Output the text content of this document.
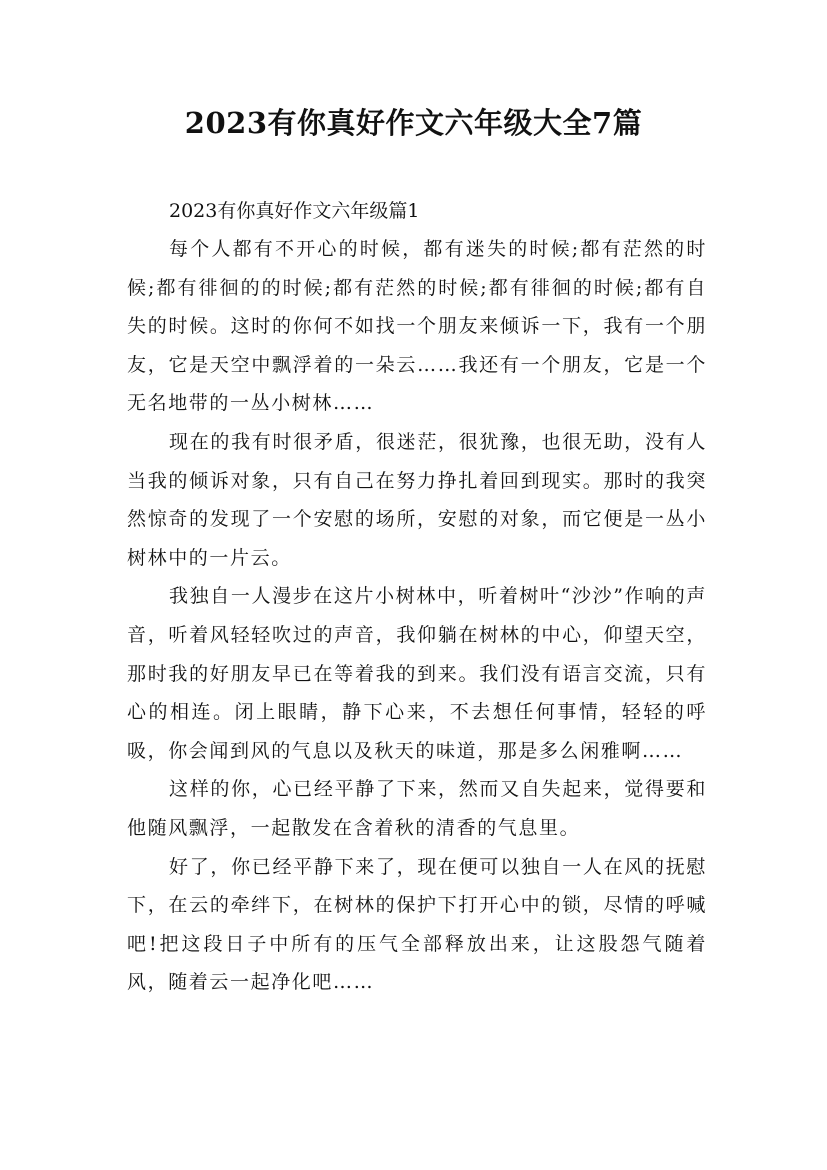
2023有你真好作文六年级大全7篇
2023有你真好作文六年级篇1

每个人都有不开心的时候，都有迷失的时候;都有茫然的时候;都有徘徊的的时候;都有茫然的时候;都有徘徊的时候;都有自失的时候。这时的你何不如找一个朋友来倾诉一下，我有一个朋友，它是天空中飘浮着的一朵云……我还有一个朋友，它是一个无名地带的一丛小树林……

现在的我有时很矛盾，很迷茫，很犹豫，也很无助，没有人当我的倾诉对象，只有自己在努力挣扎着回到现实。那时的我突然惊奇的发现了一个安慰的场所，安慰的对象，而它便是一丛小树林中的一片云。

我独自一人漫步在这片小树林中，听着树叶“沙沙”作响的声音，听着风轻轻吹过的声音，我仰躺在树林的中心，仰望天空，那时我的好朋友早已在等着我的到来。我们没有语言交流，只有心的相连。闭上眼睛，静下心来，不去想任何事情，轻轻的呼吸，你会闻到风的气息以及秋天的味道，那是多么闲雅啊……

这样的你，心已经平静了下来，然而又自失起来，觉得要和他随风飘浮，一起散发在含着秋的清香的气息里。

好了，你已经平静下来了，现在便可以独自一人在风的抚慰下，在云的牵绊下，在树林的保护下打开心中的锁，尽情的呼喊吧!把这段日子中所有的压气全部释放出来，让这股怨气随着风，随着云一起净化吧……
